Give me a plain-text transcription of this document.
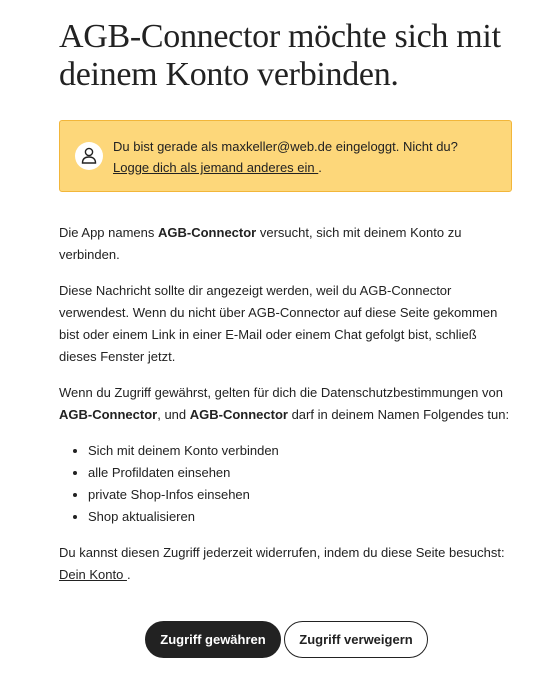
AGB-Connector möchte sich mit deinem Konto verbinden.
Du bist gerade als maxkeller@web.de eingeloggt. Nicht du?
Logge dich als jemand anderes ein .

Die App namens AGB-Connector versucht, sich mit deinem Konto zu verbinden.

Diese Nachricht sollte dir angezeigt werden, weil du AGB-Connector verwendest. Wenn du nicht über AGB-Connector auf diese Seite gekommen bist oder einem Link in einer E-Mail oder einem Chat gefolgt bist, schließ dieses Fenster jetzt.

Wenn du Zugriff gewährst, gelten für dich die Datenschutzbestimmungen von AGB-Connector, und AGB-Connector darf in deinem Namen Folgendes tun:

• Sich mit deinem Konto verbinden
• alle Profildaten einsehen
• private Shop-Infos einsehen
• Shop aktualisieren

Du kannst diesen Zugriff jederzeit widerrufen, indem du diese Seite besuchst: Dein Konto .

Zugriff gewähren	Zugriff verweigern
